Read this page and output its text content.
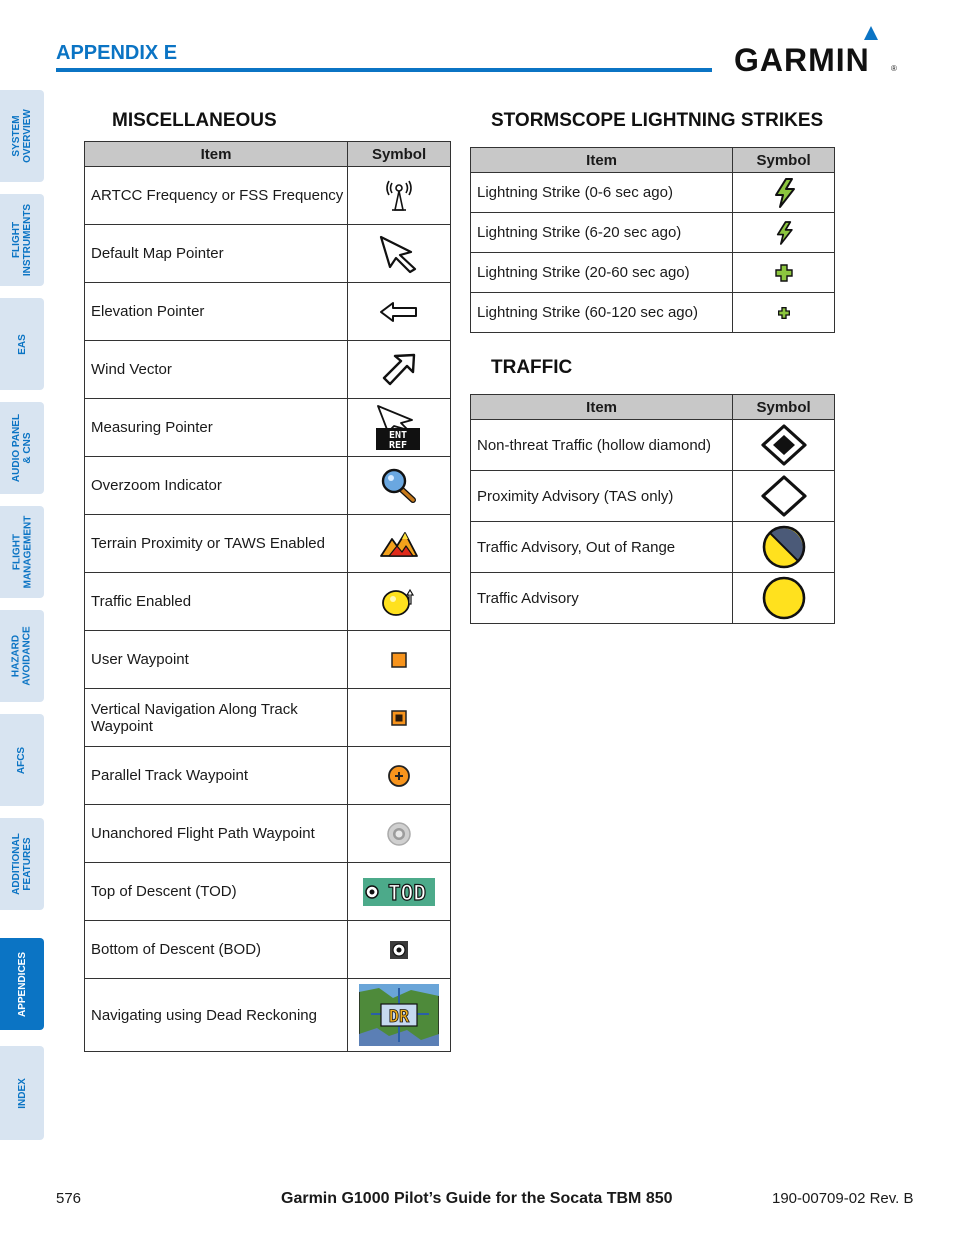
APPENDIX E	GARMIN	®
SYSTEM
OVERVIEW
FLIGHT
INSTRUMENTS
EAS
AUDIO PANEL
& CNS
FLIGHT
MANAGEMENT
HAZARD
AVOIDANCE
AFCS
ADDITIONAL
FEATURES
APPENDICES
INDEX
MISCELLANEOUS
Item	Symbol
ARTCC Frequency or FSS Frequency	

Default Map Pointer	

Elevation Pointer	

Wind Vector	

Measuring Pointer	ENT
REF

Overzoom Indicator	

Terrain Proximity or TAWS Enabled	

Traffic Enabled	

User Waypoint	

Vertical Navigation Along Track Waypoint	

Parallel Track Waypoint	

Unanchored Flight Path Waypoint	

Top of Descent (TOD)	TOD

Bottom of Descent (BOD)	

Navigating using Dead Reckoning	DR
STORMSCOPE LIGHTNING STRIKES
Item	Symbol
Lightning Strike (0-6 sec ago)	

Lightning Strike (6-20 sec ago)	

Lightning Strike (20-60 sec ago)	

Lightning Strike (60-120 sec ago)	
TRAFFIC
Item	Symbol
Non-threat Traffic (hollow diamond)	

Proximity Advisory (TAS only)	

Traffic Advisory, Out of Range	

Traffic Advisory	
576	Garmin G1000 Pilot’s Guide for the Socata TBM 850	190-00709-02 Rev. B
